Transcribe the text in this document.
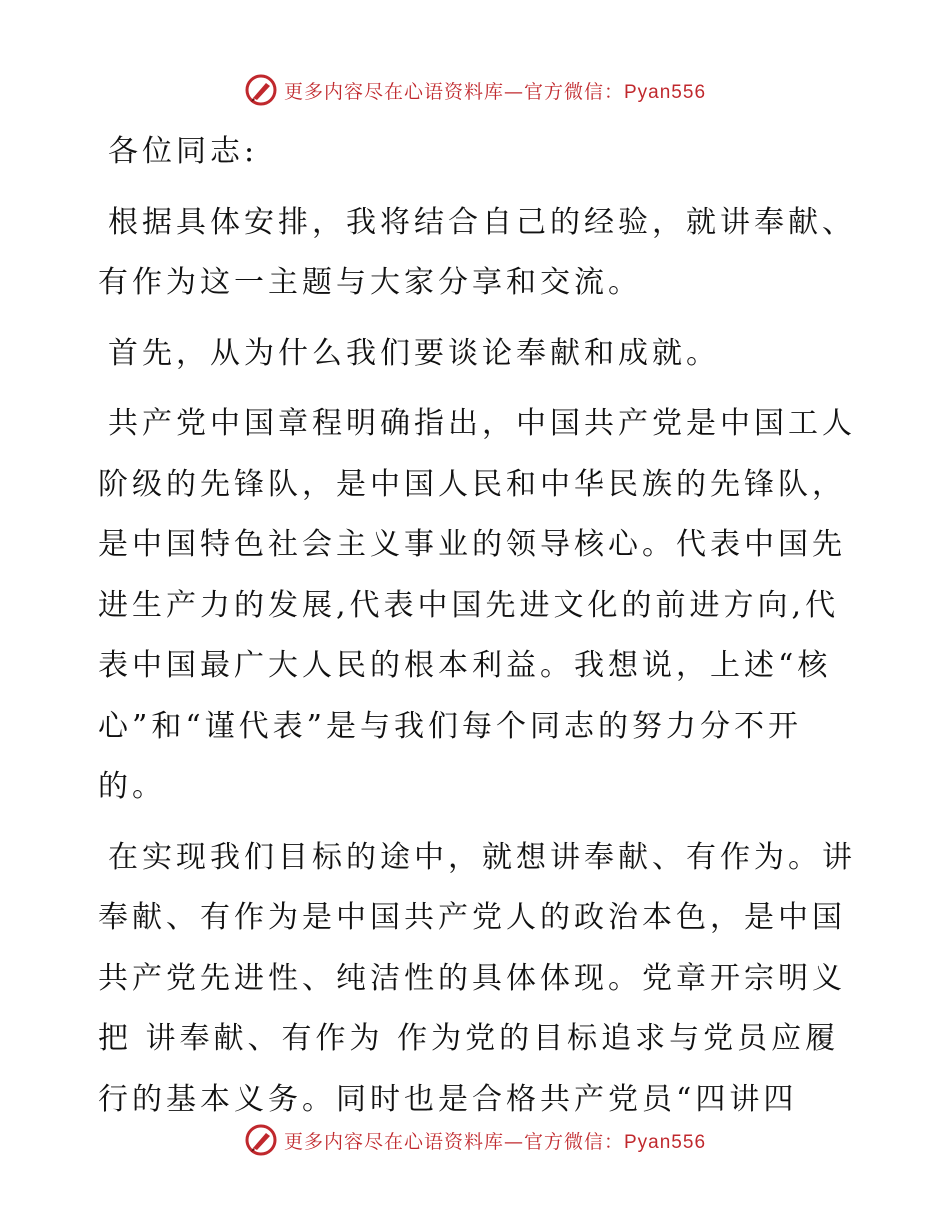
更多内容尽在心语资料库—官方微信：Pyan556

各位同志:

根据具体安排，我将结合自己的经验，就讲奉献、有作为这一主题与大家分享和交流。

首先，从为什么我们要谈论奉献和成就。

共产党中国章程明确指出，中国共产党是中国工人阶级的先锋队，是中国人民和中华民族的先锋队，是中国特色社会主义事业的领导核心。代表中国先进生产力的发展,代表中国先进文化的前进方向,代表中国最广大人民的根本利益。我想说，上述“核心”和“谨代表”是与我们每个同志的努力分不开的。

在实现我们目标的途中，就想讲奉献、有作为。讲奉献、有作为是中国共产党人的政治本色，是中国共产党先进性、纯洁性的具体体现。党章开宗明义把 讲奉献、有作为 作为党的目标追求与党员应履行的基本义务。同时也是合格共产党员“四讲四

更多内容尽在心语资料库—官方微信：Pyan556
